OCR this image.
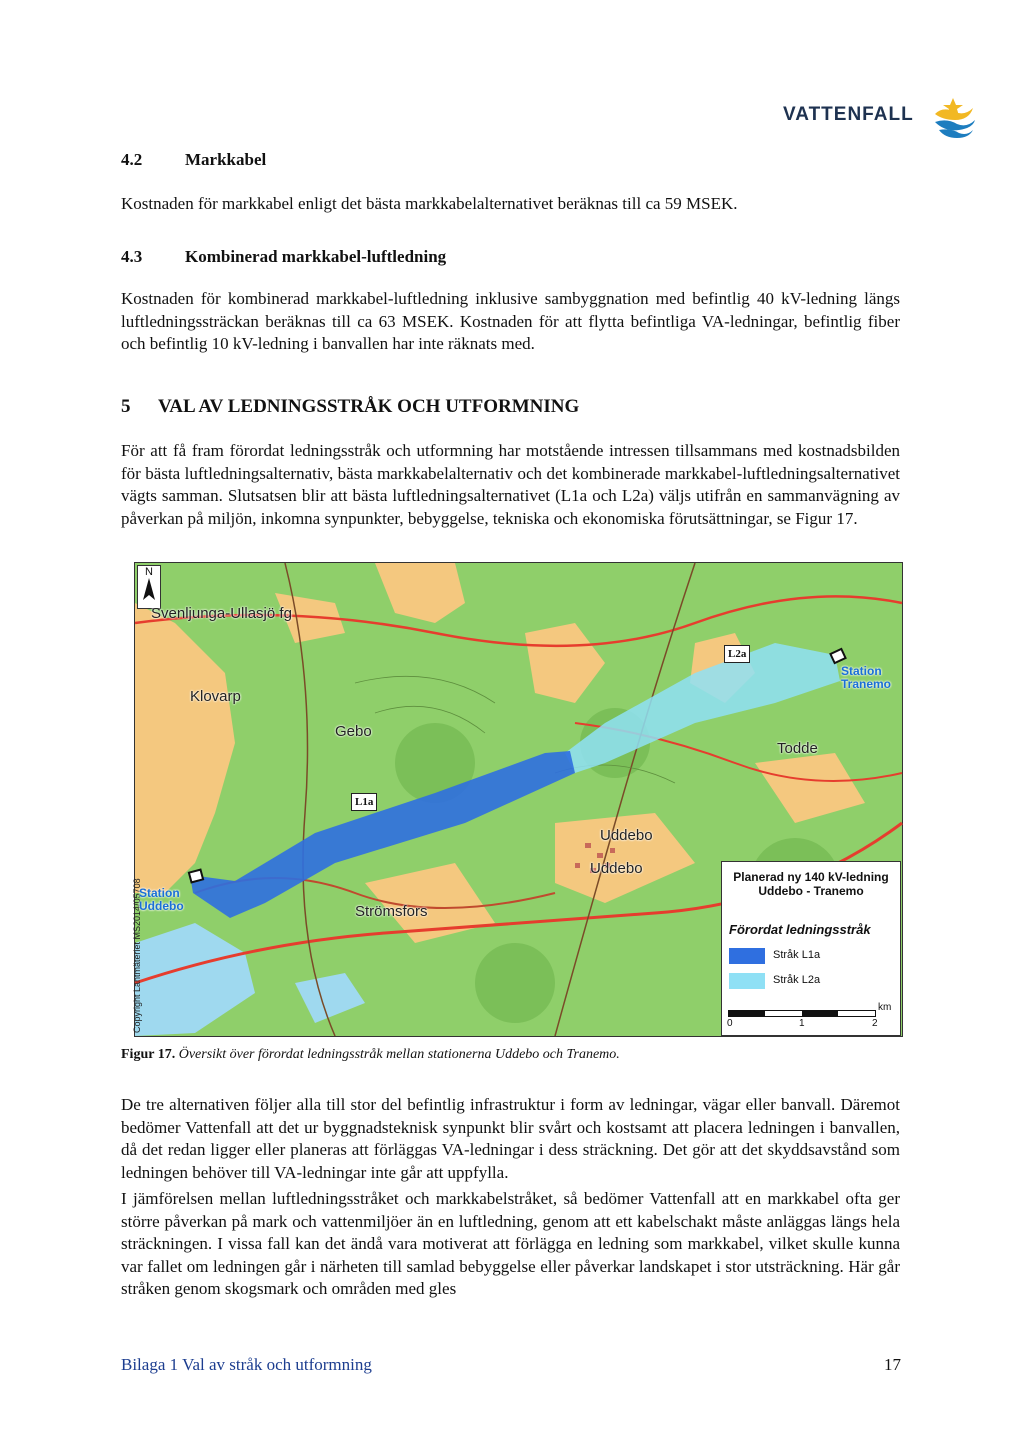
VATTENFALL
4.2	Markkabel

Kostnaden för markkabel enligt det bästa markkabelalternativet beräknas till ca 59 MSEK.

4.3	Kombinerad markkabel-luftledning

Kostnaden för kombinerad markkabel-luftledning inklusive sambyggnation med befintlig 40 kV-ledning längs luftledningssträckan beräknas till ca 63 MSEK. Kostnaden för att flytta befintliga VA-ledningar, befintlig fiber och befintlig 10 kV-ledning i banvallen har inte räknats med.

5 VAL AV LEDNINGSSTRÅK OCH UTFORMNING

För att få fram förordat ledningsstråk och utformning har motstående intressen tillsammans med kostnadsbilden för bästa luftledningsalternativ, bästa markkabelalternativ och det kombinerade markkabel-luftledningsalternativet vägts samman. Slutsatsen blir att bästa luftledningsalternativet (L1a och L2a) väljs utifrån en sammanvägning av påverkan på miljön, inkomna synpunkter, bebyggelse, tekniska och ekonomiska förutsättningar, se Figur 17.

N
Copyright Lantmäteriet MS2014/05708
Svenljunga-Ullasjö fg
Klovarp
Gebo
Uddebo
Uddebo
Strömsfors
Todde
Station Uddebo
Station Tranemo
L1a
L2a
Planerad ny 140 kV-ledning Uddebo - Tranemo
Förordat ledningsstråk
Stråk L1a
Stråk L2a
km
0	1	2
Figur 17. Översikt över förordat ledningsstråk mellan stationerna Uddebo och Tranemo.

De tre alternativen följer alla till stor del befintlig infrastruktur i form av ledningar, vägar eller banvall. Däremot bedömer Vattenfall att det ur byggnadsteknisk synpunkt blir svårt och kostsamt att placera ledningen i banvallen, då det redan ligger eller planeras att förläggas VA-ledningar i dess sträckning. Det gör att det skyddsavstånd som ledningen behöver till VA-ledningar inte går att uppfylla.

I jämförelsen mellan luftledningsstråket och markkabelstråket, så bedömer Vattenfall att en markkabel ofta ger större påverkan på mark och vattenmiljöer än en luftledning, genom att ett kabelschakt måste anläggas längs hela sträckningen. I vissa fall kan det ändå vara motiverat att förlägga en ledning som markkabel, vilket skulle kunna var fallet om ledningen går i närheten till samlad bebyggelse eller påverkar landskapet i stor utsträckning. Här går stråken genom skogsmark och områden med gles

Bilaga 1 Val av stråk och utformning	17
